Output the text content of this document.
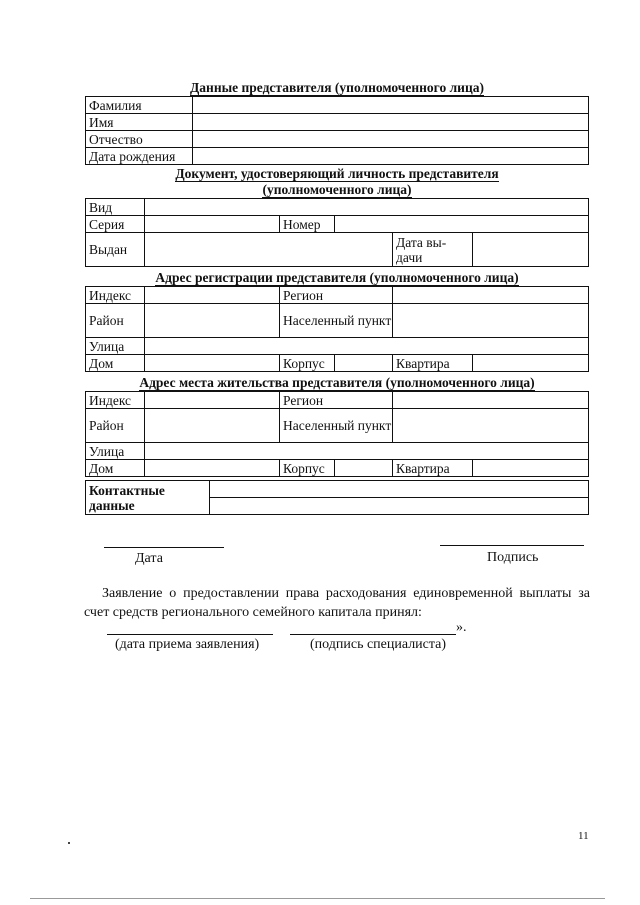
Данные представителя (уполномоченного лица)
Фамилия	
Имя	
Отчество	
Дата рождения	
Документ, удостоверяющий личность представителя
(уполномоченного лица)
Вид					
Серия		Номер			
Выдан				Дата вы-дачи	
Адрес регистрации представителя (уполномоченного лица)
Индекс		Регион			
Район		Населенный пункт			
Улица					
Дом		Корпус		Квартира	
Адрес места жительства представителя (уполномоченного лица)
Индекс		Регион			
Район		Населенный пункт			
Улица					
Дом		Корпус		Квартира	
Контактные данные	

Дата	Подпись
Заявление о предоставлении права расходования единовременной выплаты за счет средств регионального семейного капитала принял:
».
(дата приема заявления)	(подпись специалиста)
11
